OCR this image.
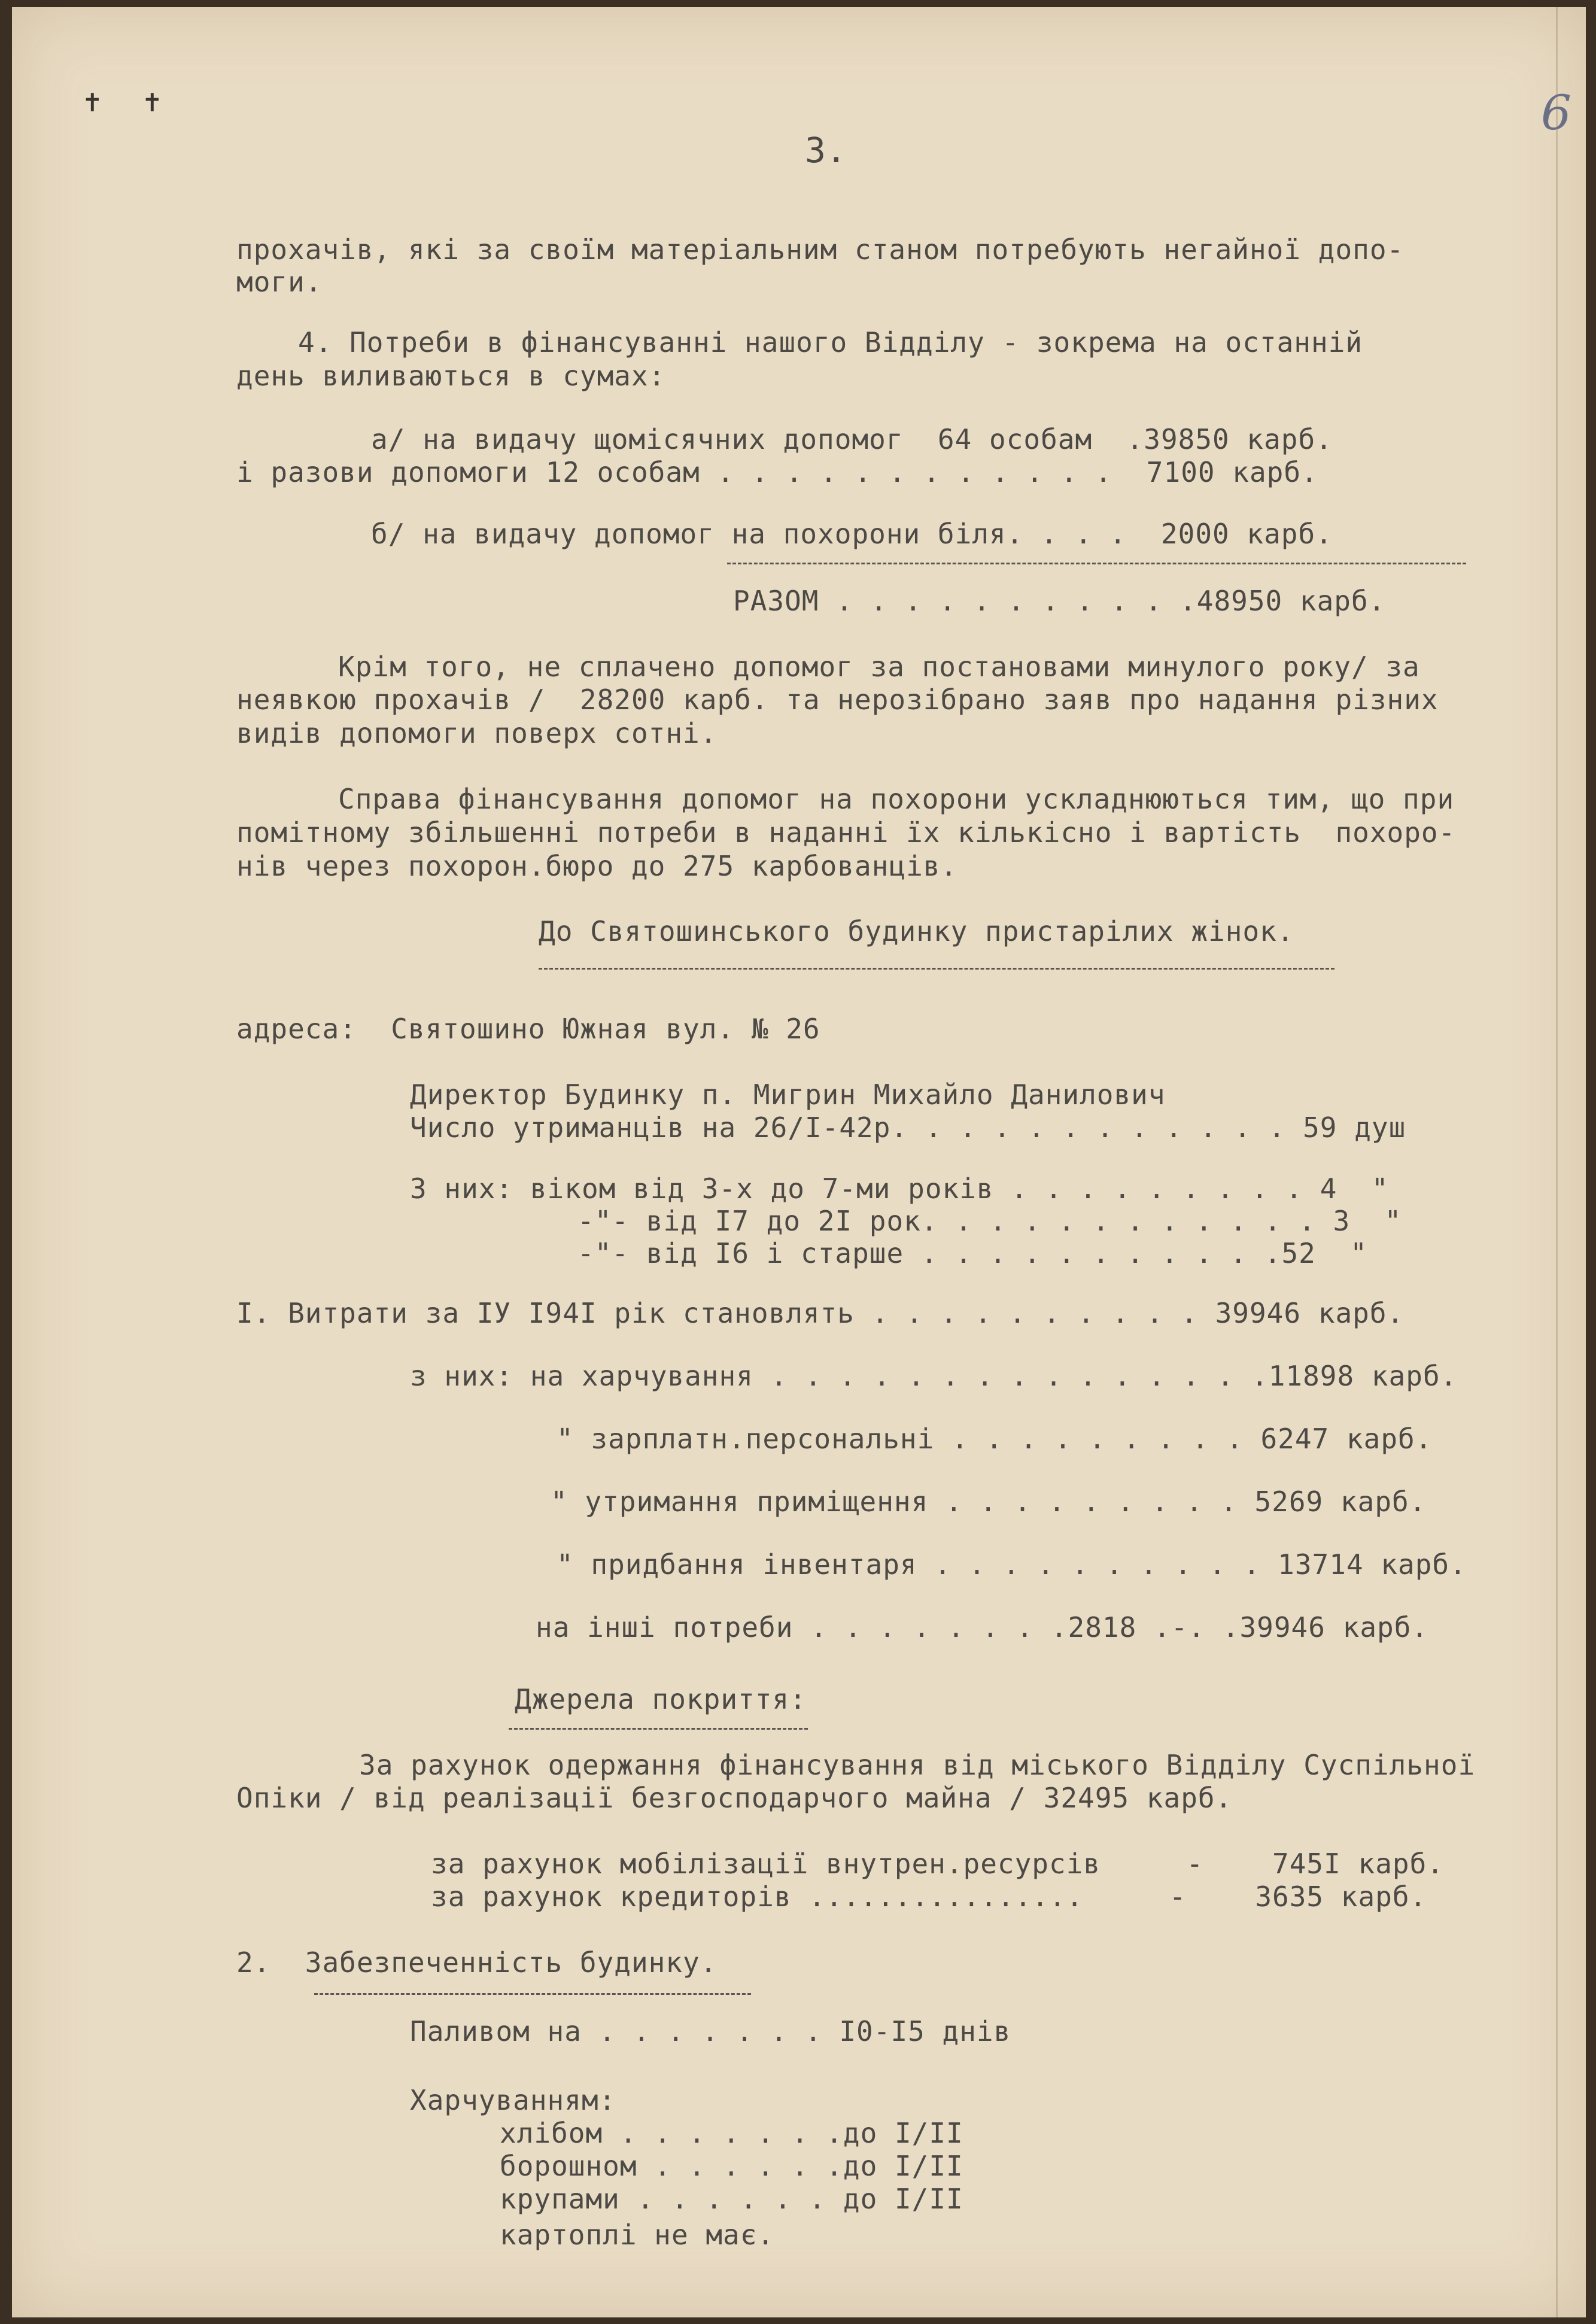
✝ ✝	6
3.
прохачів, які за своїм матеріальним станом потребують негайної допо-
моги.
4. Потреби в фінансуванні нашого Відділу - зокрема на останній
день виливаються в сумах:
а/ на видачу щомісячних допомог  64 особам  .39850 карб.
і разови допомоги 12 особам . . . . . . . . . . . .  7100 карб.
б/ на видачу допомог на похорони біля. . . .  2000 карб.
РАЗОМ . . . . . . . . . . .48950 карб.
Крім того, не сплачено допомог за постановами минулого року/ за
неявкою прохачів /  28200 карб. та нерозібрано заяв про надання різних
видів допомоги поверх сотні.
Справа фінансування допомог на похорони ускладнюються тим, що при
помітному збільшенні потреби в наданні їх кількісно і вартість  похоро-
нів через похорон.бюро до 275 карбованців.
До Святошинського будинку пристарілих жінок.
адреса:  Святошино Южная вул. № 26
Директор Будинку п. Мигрин Михайло Данилович
Число утриманців на 26/І-42р. . . . . . . . . . . . 59 душ
З них: віком від 3-х до 7-ми років . . . . . . . . . 4  "
-"- від І7 до 2І рок. . . . . . . . . . . . 3  "
-"- від І6 і старше . . . . . . . . . . .52  "
І. Витрати за ІУ І94І рік становлять . . . . . . . . . . 39946 карб.
з них: на харчування . . . . . . . . . . . . . . .11898 карб.
" зарплатн.персональні . . . . . . . . . 6247 карб.
" утримання приміщення . . . . . . . . . 5269 карб.
" придбання інвентаря . . . . . . . . . . 13714 карб.
на інші потреби . . . . . . . .2818 .-. .39946 карб.
Джерела покриття:
За рахунок одержання фінансування від міського Відділу Суспільної
Опіки / від реалізації безгосподарчого майна / 32495 карб.
за рахунок мобілізації внутрен.ресурсів     -    745І карб.
за рахунок кредиторів ................     -    3635 карб.
2.  Забезпеченність будинку.
Паливом на . . . . . . . І0-І5 днів
Харчуванням:
хлібом . . . . . . .до І/ІІ
борошном . . . . . .до І/ІІ
крупами . . . . . . до І/ІІ
картоплі не має.
